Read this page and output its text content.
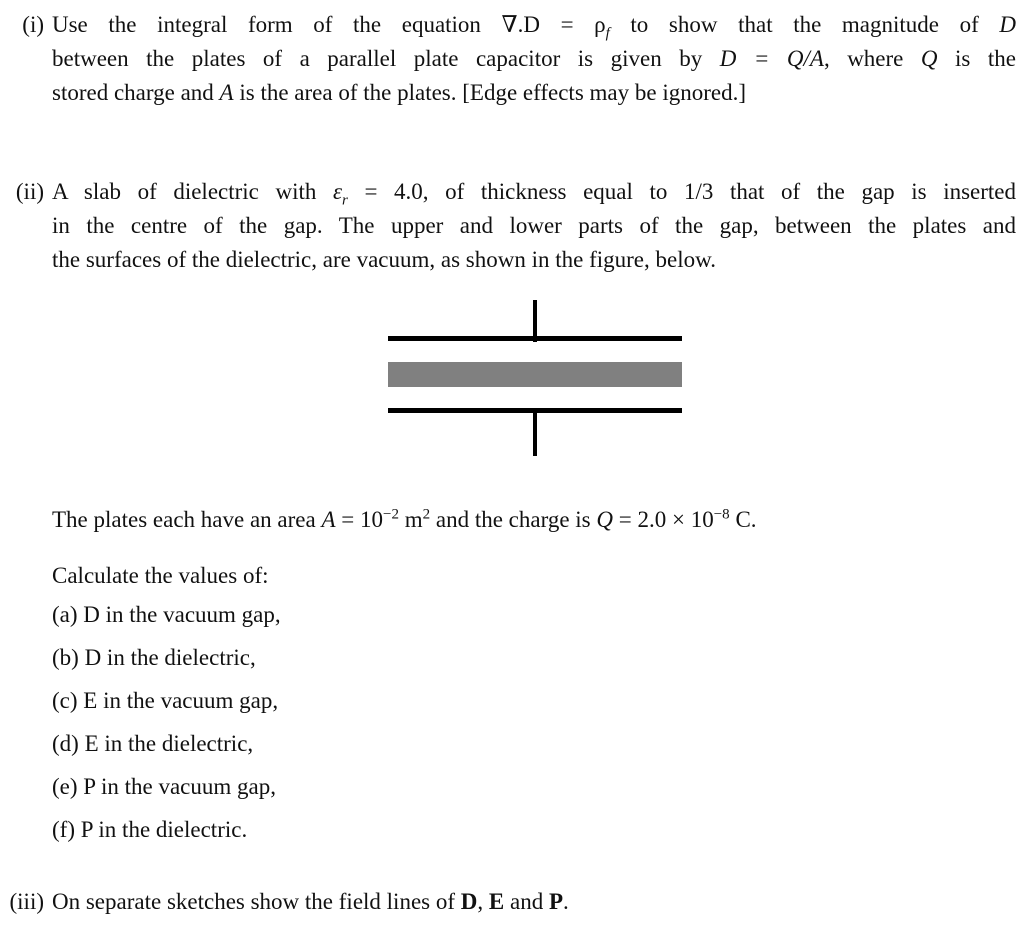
(i) Use the integral form of the equation $\nabla.D = \rho_f$ to show that the magnitude of D
between the plates of a parallel plate capacitor is given by D = Q/A, where Q is the
stored charge and A is the area of the plates. [Edge effects may be ignored.]
(ii) A slab of dielectric with $\varepsilon_r = 4.0$, of thickness equal to 1/3 that of the gap is inserted
in the centre of the gap. The upper and lower parts of the gap, between the plates and
the surfaces of the dielectric, are vacuum, as shown in the figure, below.
The plates each have an area $A = 10^{-2}$ $m^2$ and the charge is $Q = 2.0 \times 10^{-8}$ C.
Calculate the values of:
(a) D in the vacuum gap,
(b) D in the dielectric,
(c) E in the vacuum gap,
(d) E in the dielectric,
(e) P in the vacuum gap,
(f) P in the dielectric.
(iii) On separate sketches show the field lines of D, E and P.
